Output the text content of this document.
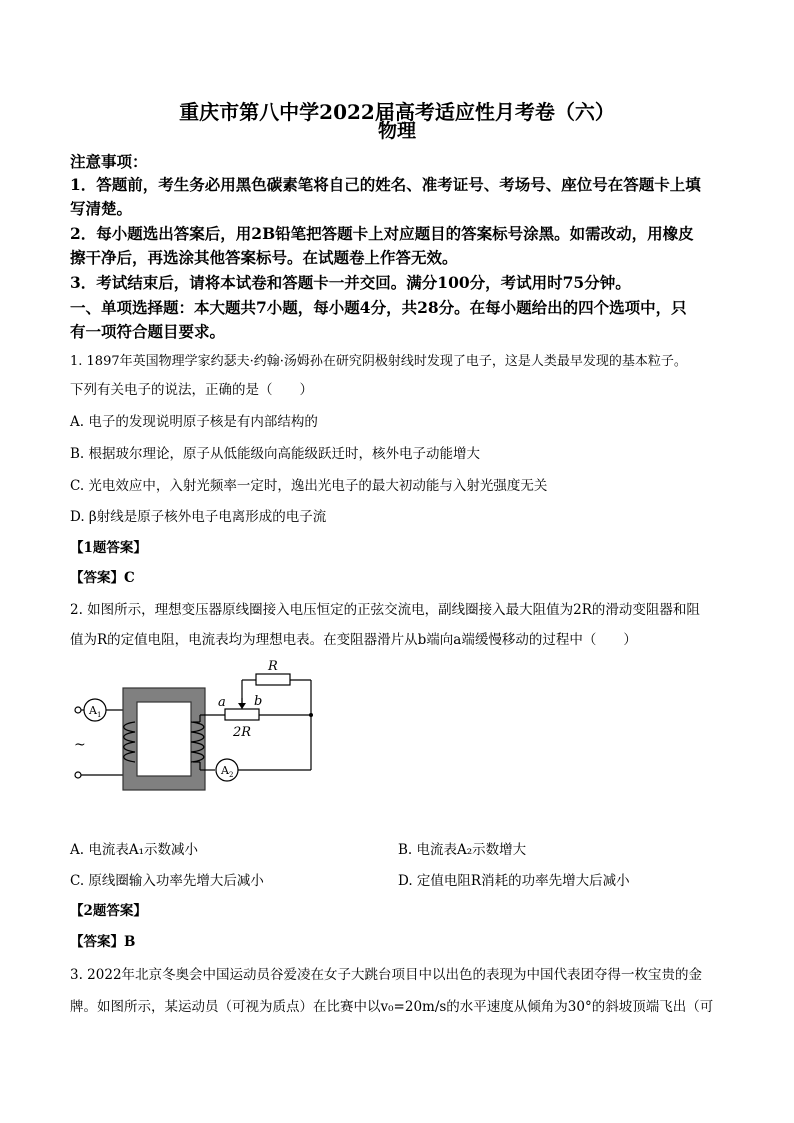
重庆市第八中学2022届高考适应性月考卷（六）
物理
注意事项：
1．答题前，考生务必用黑色碳素笔将自己的姓名、准考证号、考场号、座位号在答题卡上填
写清楚。
2．每小题选出答案后，用2B铅笔把答题卡上对应题目的答案标号涂黑。如需改动，用橡皮
擦干净后，再选涂其他答案标号。在试题卷上作答无效。
3．考试结束后，请将本试卷和答题卡一并交回。满分100分，考试用时75分钟。
一、单项选择题：本大题共7小题，每小题4分，共28分。在每小题给出的四个选项中，只
有一项符合题目要求。
1. 1897年英国物理学家约瑟夫·约翰·汤姆孙在研究阴极射线时发现了电子，这是人类最早发现的基本粒子。
下列有关电子的说法，正确的是（　　）
A. 电子的发现说明原子核是有内部结构的
B. 根据玻尔理论，原子从低能级向高能级跃迁时，核外电子动能增大
C. 光电效应中，入射光频率一定时，逸出光电子的最大初动能与入射光强度无关
D. β射线是原子核外电子电离形成的电子流
【1题答案】
【答案】C
2. 如图所示，理想变压器原线圈接入电压恒定的正弦交流电，副线圈接入最大阻值为2R的滑动变阻器和阻
值为R的定值电阻，电流表均为理想电表。在变阻器滑片从b端向a端缓慢移动的过程中（　　）
R
a b
2R
A 1
A 2
~
A. 电流表A₁示数减小	B. 电流表A₂示数增大
C. 原线圈输入功率先增大后减小	D. 定值电阻R消耗的功率先增大后减小
【2题答案】
【答案】B
3. 2022年北京冬奥会中国运动员谷爱凌在女子大跳台项目中以出色的表现为中国代表团夺得一枚宝贵的金
牌。如图所示，某运动员（可视为质点）在比赛中以v₀=20m/s的水平速度从倾角为30°的斜坡顶端飞出（可
